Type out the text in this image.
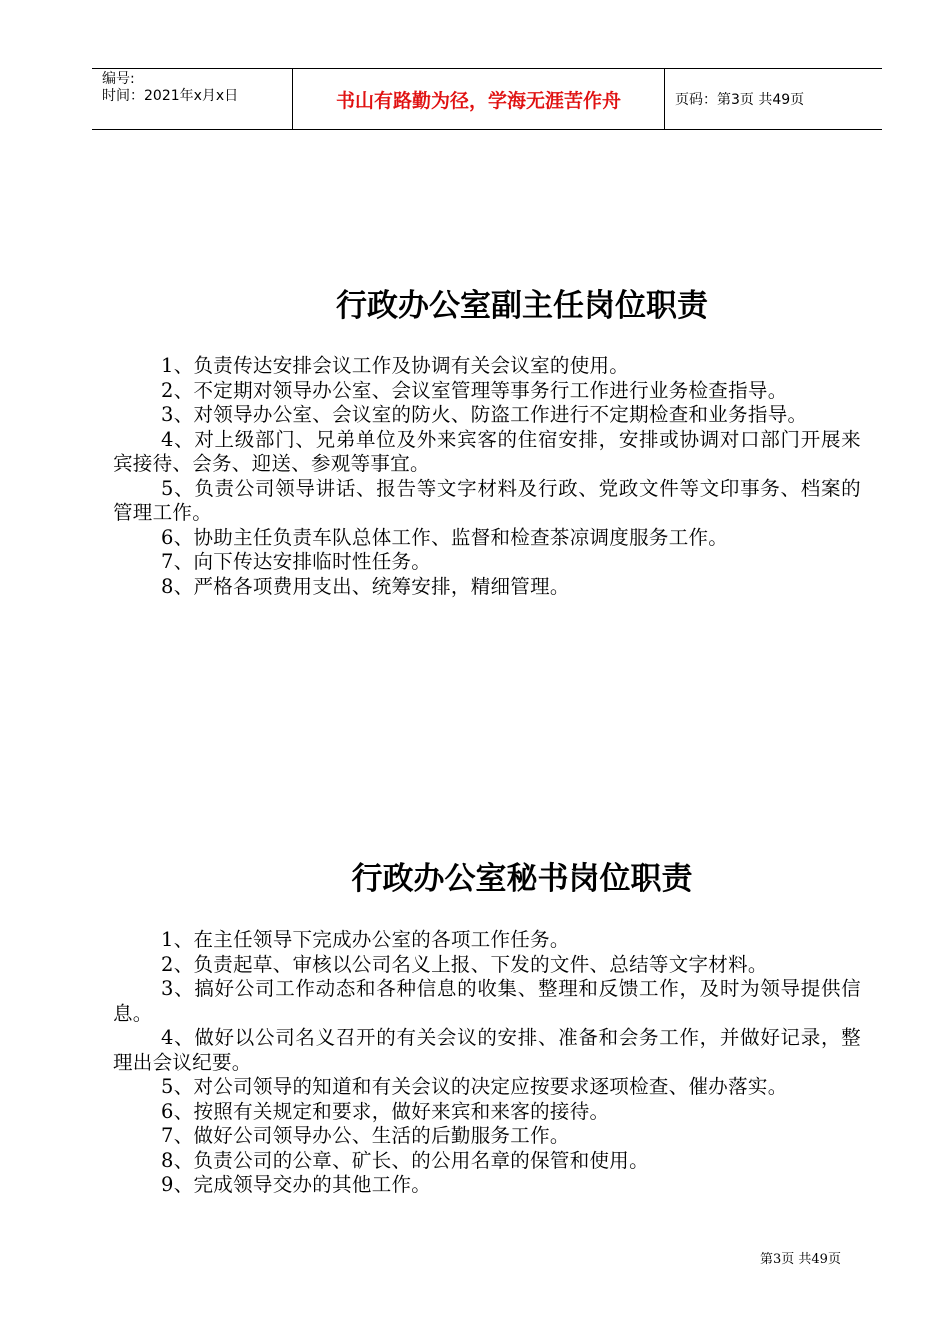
编号:
时间：2021年x月x日	书山有路勤为径，学海无涯苦作舟	页码：第3页 共49页
行政办公室副主任岗位职责

1、负责传达安排会议工作及协调有关会议室的使用。

2、不定期对领导办公室、会议室管理等事务行工作进行业务检查指导。

3、对领导办公室、会议室的防火、防盗工作进行不定期检查和业务指导。

4、对上级部门、兄弟单位及外来宾客的住宿安排，安排或协调对口部门开展来宾接待、会务、迎送、参观等事宜。

5、负责公司领导讲话、报告等文字材料及行政、党政文件等文印事务、档案的管理工作。

6、协助主任负责车队总体工作、监督和检查茶凉调度服务工作。

7、向下传达安排临时性任务。

8、严格各项费用支出、统筹安排，精细管理。

行政办公室秘书岗位职责

1、在主任领导下完成办公室的各项工作任务。

2、负责起草、审核以公司名义上报、下发的文件、总结等文字材料。

3、搞好公司工作动态和各种信息的收集、整理和反馈工作，及时为领导提供信息。

4、做好以公司名义召开的有关会议的安排、准备和会务工作，并做好记录，整理出会议纪要。

5、对公司领导的知道和有关会议的决定应按要求逐项检查、催办落实。

6、按照有关规定和要求，做好来宾和来客的接待。

7、做好公司领导办公、生活的后勤服务工作。

8、负责公司的公章、矿长、的公用名章的保管和使用。

9、完成领导交办的其他工作。

第3页 共49页
